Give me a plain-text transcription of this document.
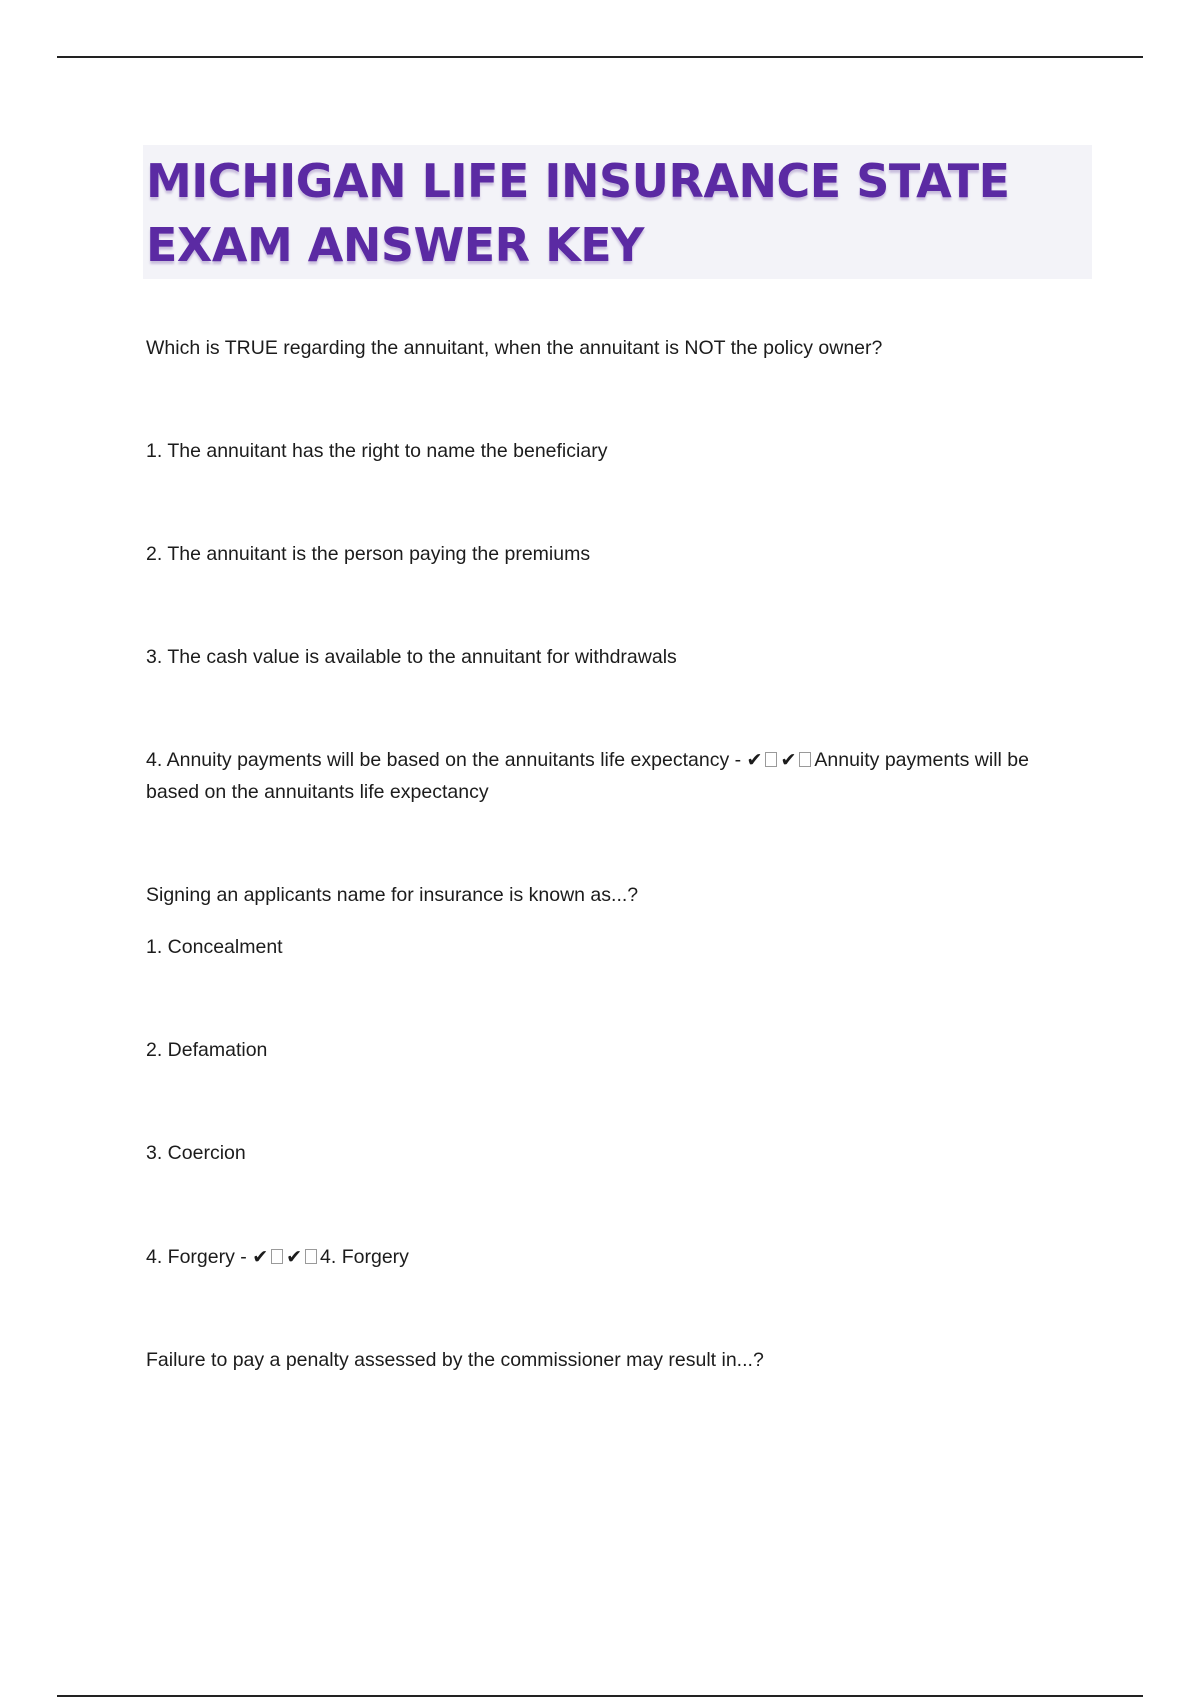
MICHIGAN LIFE INSURANCE STATE
EXAM ANSWER KEY
Which is TRUE regarding the annuitant, when the annuitant is NOT the policy owner?
1. The annuitant has the right to name the beneficiary
2. The annuitant is the person paying the premiums
3. The cash value is available to the annuitant for withdrawals
4. Annuity payments will be based on the annuitants life expectancy - ✔ ✔ Annuity payments will be
based on the annuitants life expectancy
Signing an applicants name for insurance is known as...?
1. Concealment
2. Defamation
3. Coercion
4. Forgery - ✔ ✔ 4. Forgery
Failure to pay a penalty assessed by the commissioner may result in...?
